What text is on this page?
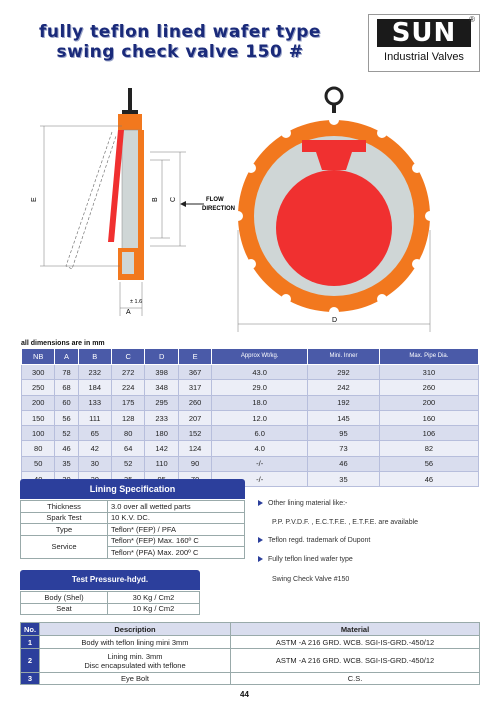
fully teflon lined wafer type
swing check valve 150 #
SUN	®
Industrial Valves
E	B C
A
± 1.6
FLOW
DIRECTION
D
all dimensions are in mm
NB	A	B	C	D	E	Approx Wt/kg.	Mini. Inner	Max. Pipe Dia.
300	78	232	272	398	367	43.0	292	310
250	68	184	224	348	317	29.0	242	260
200	60	133	175	295	260	18.0	192	200
150	56	111	128	233	207	12.0	145	160
100	52	65	80	180	152	6.0	95	106
80	46	42	64	142	124	4.0	73	82
50	35	30	52	110	90	-/-	46	56
						-/-	35	46
Lining Specification
Thickness	3.0 over all wetted parts
Spark Test	10 K.V. DC.
Type	Teflon* (FEP) / PFA
Service	Teflon* (FEP) Max. 160º C
	Teflon* (PFA) Max. 200º C
Other lining material like:-
P.P. P.V.D.F. , E.C.T.F.E. , E.T.F.E. are available
Teflon regd. trademark of Dupont
Fully teflon lined wafer type
Swing Check Valve #150
Test Pressure-hdyd.
Body (Shel)	30 Kg / Cm2
Seat	10 Kg / Cm2
No.	Description	Material
1	Body with teflon lining mini 3mm	ASTM -A 216 GRD. WCB. SGI-IS-GRD.-450/12
2	Lining min. 3mm
Disc encapsulated with teflone	ASTM -A 216 GRD. WCB. SGI-IS-GRD.-450/12
3	Eye Bolt	C.S.
44
